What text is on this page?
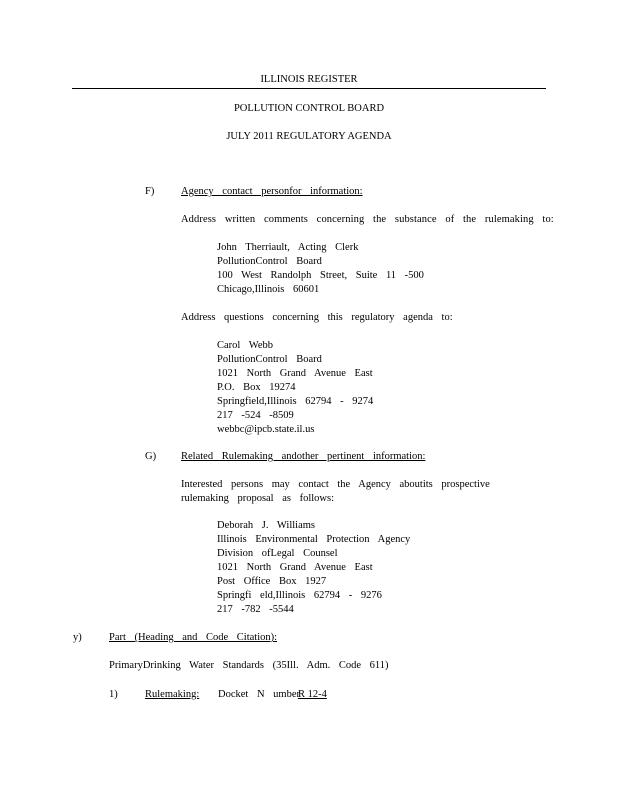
ILLINOIS REGISTER
POLLUTION CONTROL BOARD
JULY 2011 REGULATORY AGENDA
F)	Agency contact personfor information:
Address written comments concerning the substance of the rulemaking to:
John Therriault, Acting Clerk
PollutionControl Board
100 West Randolph Street, Suite 11 -500
Chicago,Illinois 60601
Address questions concerning this regulatory agenda to:
Carol Webb
PollutionControl Board
1021 North Grand Avenue East
P.O. Box 19274
Springfield,Illinois 62794 - 9274
217 -524 -8509
webbc@ipcb.state.il.us
G) Related Rulemaking andother pertinent information:
Interested persons may contact the Agency aboutits prospective
rulemaking proposal as follows:
Deborah J. Williams
Illinois Environmental Protection Agency
Division ofLegal Counsel
1021 North Grand Avenue East
Post Office Box 1927
Springfi eld,Illinois 62794 - 9276
217 -782 -5544
y)	Part (Heading and Code Citation):
PrimaryDrinking Water Standards (35Ill. Adm. Code 611)
1)	Rulemaking: Docket N umber
R 12-4
